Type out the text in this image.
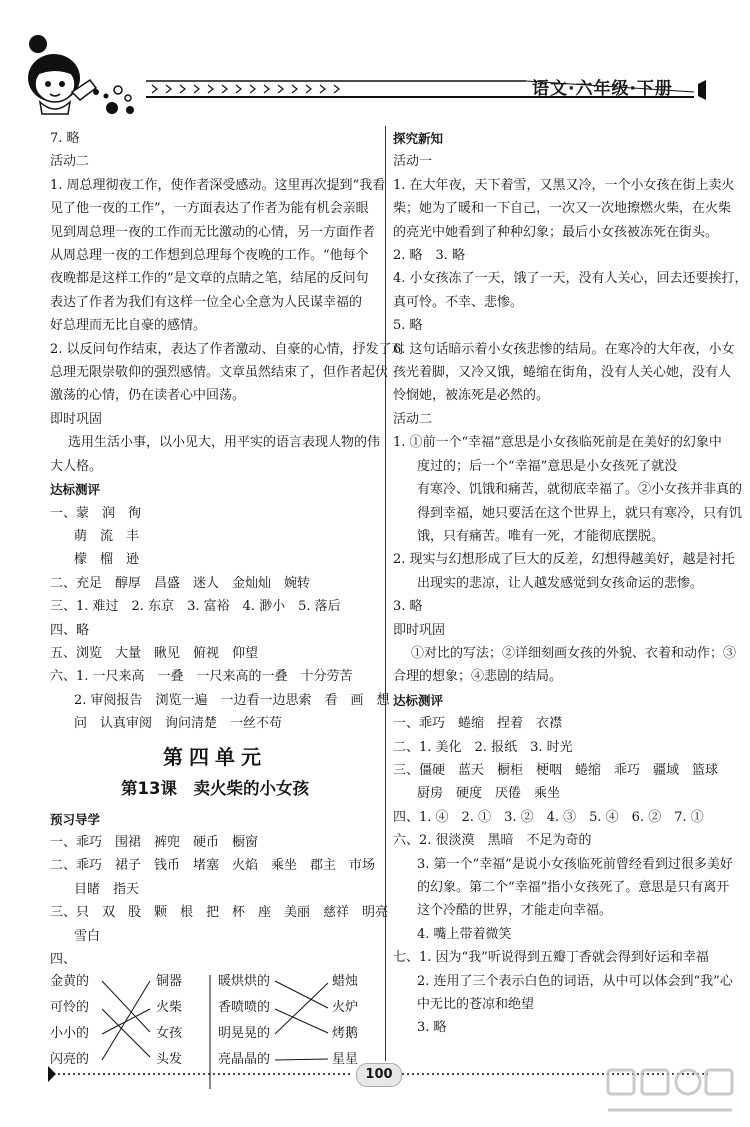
语文·六年级·下册
7. 略
活动二
1. 周总理彻夜工作，使作者深受感动。这里再次提到“我看
见了他一夜的工作”，一方面表达了作者为能有机会亲眼
见到周总理一夜的工作而无比激动的心情，另一方面作者
从周总理一夜的工作想到总理每个夜晚的工作。“他每个
夜晚都是这样工作的”是文章的点睛之笔，结尾的反问句
表达了作者为我们有这样一位全心全意为人民谋幸福的
好总理而无比自豪的感情。
2. 以反问句作结束，表达了作者激动、自豪的心情，抒发了对
总理无限崇敬仰的强烈感情。文章虽然结束了，但作者起伏
激荡的心情，仍在读者心中回荡。
即时巩固
选用生活小事，以小见大，用平实的语言表现人物的伟
大人格。
达标测评
一、蒙　润　徇
萌　流　丰
檬　榴　逊
二、充足　醇厚　昌盛　迷人　金灿灿　婉转
三、1. 难过　2. 东京　3. 富裕　4. 渺小　5. 落后
四、略
五、浏览　大量　瞅见　俯视　仰望
六、1. 一尺来高　一叠　一尺来高的一叠　十分劳苦
2. 审阅报告　浏览一遍　一边看一边思索　看　画　想
问　认真审阅　询问清楚　一丝不苟
第四单元
第13课　卖火柴的小女孩
预习导学
一、乖巧　围裙　裤兜　硬币　橱窗
二、乖巧　裙子　钱币　堵塞　火焰　乘坐　郡主　市场
目睹　指天
三、只　双　股　颗　根　把　杯　座　美丽　慈祥　明亮
雪白
四、
金黄的
可怜的
小小的
闪亮的
铜器
火柴
女孩
头发
暖烘烘的
香喷喷的
明晃晃的
亮晶晶的
蜡烛
火炉
烤鹅
星星
探究新知
活动一
1. 在大年夜，天下着雪，又黑又冷，一个小女孩在街上卖火
柴；她为了暖和一下自己，一次又一次地擦燃火柴，在火柴
的亮光中她看到了种种幻象；最后小女孩被冻死在街头。
2. 略　3. 略
4. 小女孩冻了一天，饿了一天，没有人关心，回去还要挨打，
真可怜。不幸、悲惨。
5. 略
6. 这句话暗示着小女孩悲惨的结局。在寒冷的大年夜，小女
孩光着脚，又冷又饿，蜷缩在街角，没有人关心她，没有人
怜悯她，被冻死是必然的。
活动二
1. ①前一个“幸福”意思是小女孩临死前是在美好的幻象中
度过的；后一个“幸福”意思是小女孩死了就没
有寒冷、饥饿和痛苦，就彻底幸福了。②小女孩并非真的
得到幸福，她只要活在这个世界上，就只有寒冷，只有饥
饿，只有痛苦。唯有一死，才能彻底摆脱。
2. 现实与幻想形成了巨大的反差，幻想得越美好，越是衬托
出现实的悲凉，让人越发感觉到女孩命运的悲惨。
3. 略
即时巩固
①对比的写法；②详细刻画女孩的外貌、衣着和动作；③
合理的想象；④悲剧的结局。
达标测评
一、乖巧　蜷缩　捏着　衣襟
二、1. 美化　2. 报纸　3. 时光
三、僵硬　蓝天　橱柜　梗咽　蜷缩　乖巧　疆域　篮球
厨房　硬度　厌倦　乘坐
四、1. ④　2. ①　3. ②　4. ③　5. ④　6. ②　7. ①
六、2. 很淡漠　黑暗　不足为奇的
3. 第一个“幸福”是说小女孩临死前曾经看到过很多美好
的幻象。第二个“幸福”指小女孩死了。意思是只有离开
这个冷酷的世界，才能走向幸福。
4. 嘴上带着微笑
七、1. 因为“我”听说得到五瓣丁香就会得到好运和幸福
2. 连用了三个表示白色的词语，从中可以体会到“我”心
中无比的苍凉和绝望
3. 略
100
